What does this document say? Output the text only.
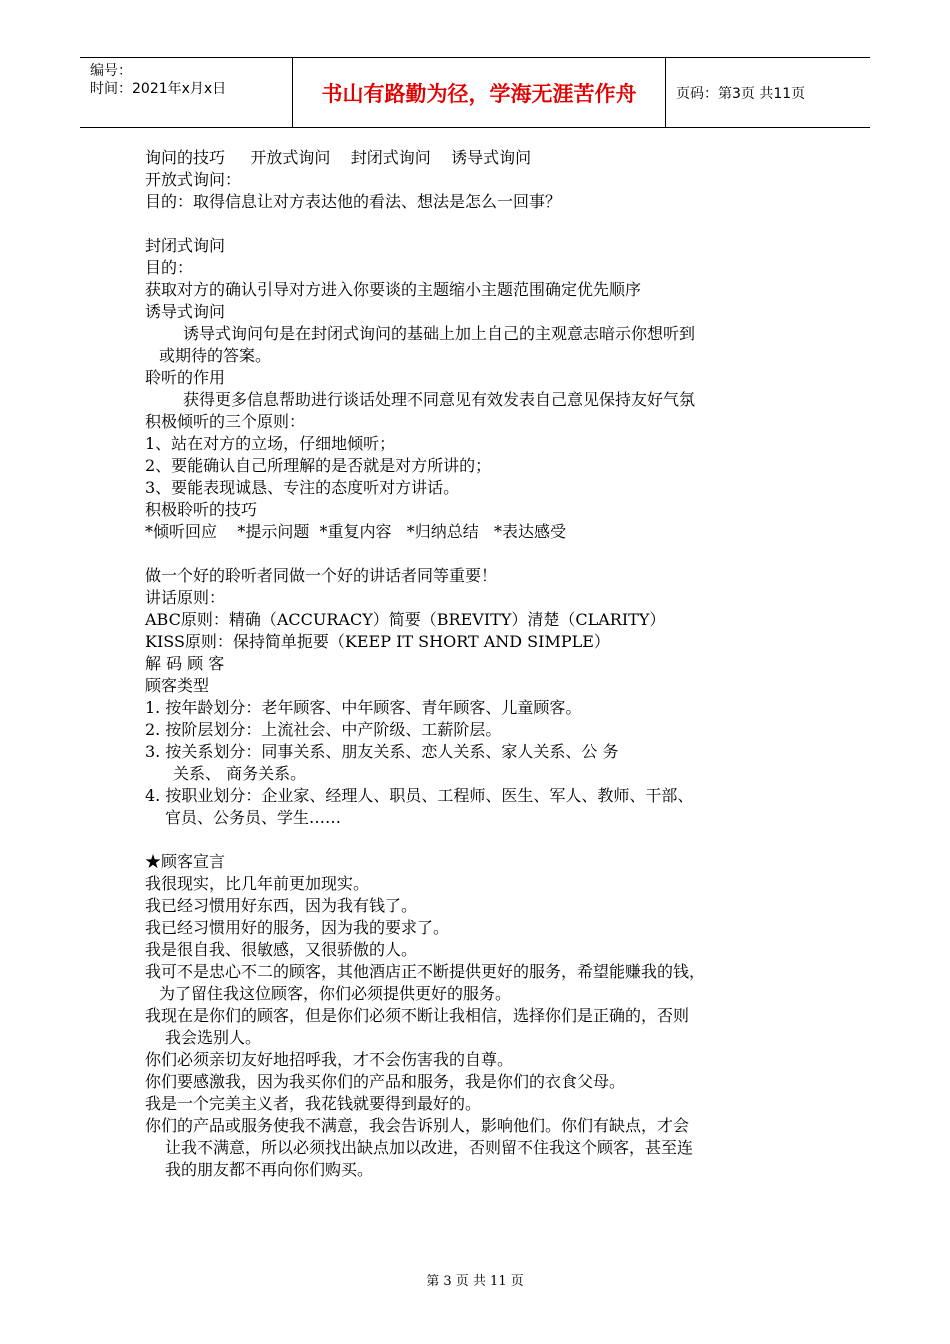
编号：
时间：2021年x月x日	书山有路勤为径，学海无涯苦作舟	页码：第3页 共11页
询问的技巧     开放式询问    封闭式询问    诱导式询问
开放式询问：
目的：取得信息让对方表达他的看法、想法是怎么一回事？
封闭式询问
目的：
获取对方的确认引导对方进入你要谈的主题缩小主题范围确定优先顺序
诱导式询问
诱导式询问句是在封闭式询问的基础上加上自己的主观意志暗示你想听到
或期待的答案。
聆听的作用
获得更多信息帮助进行谈话处理不同意见有效发表自己意见保持友好气氛
积极倾听的三个原则：
1、站在对方的立场，仔细地倾听；
2、要能确认自己所理解的是否就是对方所讲的；
3、要能表现诚恳、专注的态度听对方讲话。
积极聆听的技巧
*倾听回应    *提示问题  *重复内容   *归纳总结   *表达感受
做一个好的聆听者同做一个好的讲话者同等重要！
讲话原则：
ABC原则：精确（ACCURACY）简要（BREVITY）清楚（CLARITY）
KISS原则：保持简单扼要（KEEP IT SHORT AND SIMPLE）
解 码 顾 客
顾客类型
1. 按年龄划分：老年顾客、中年顾客、青年顾客、儿童顾客。
2. 按阶层划分：上流社会、中产阶级、工薪阶层。
3. 按关系划分：同事关系、朋友关系、恋人关系、家人关系、公 务
关系、 商务关系。
4. 按职业划分：企业家、经理人、职员、工程师、医生、军人、教师、干部、
官员、公务员、学生……
★顾客宣言
我很现实，比几年前更加现实。
我已经习惯用好东西，因为我有钱了。
我已经习惯用好的服务，因为我的要求了。
我是很自我、很敏感，又很骄傲的人。
我可不是忠心不二的顾客，其他酒店正不断提供更好的服务，希望能赚我的钱，
为了留住我这位顾客，你们必须提供更好的服务。
我现在是你们的顾客，但是你们必须不断让我相信，选择你们是正确的，否则
我会选别人。
你们必须亲切友好地招呼我，才不会伤害我的自尊。
你们要感激我，因为我买你们的产品和服务，我是你们的衣食父母。
我是一个完美主义者，我花钱就要得到最好的。
你们的产品或服务使我不满意，我会告诉别人，影响他们。你们有缺点，才会
让我不满意，所以必须找出缺点加以改进，否则留不住我这个顾客，甚至连
我的朋友都不再向你们购买。
第 3 页 共 11 页
